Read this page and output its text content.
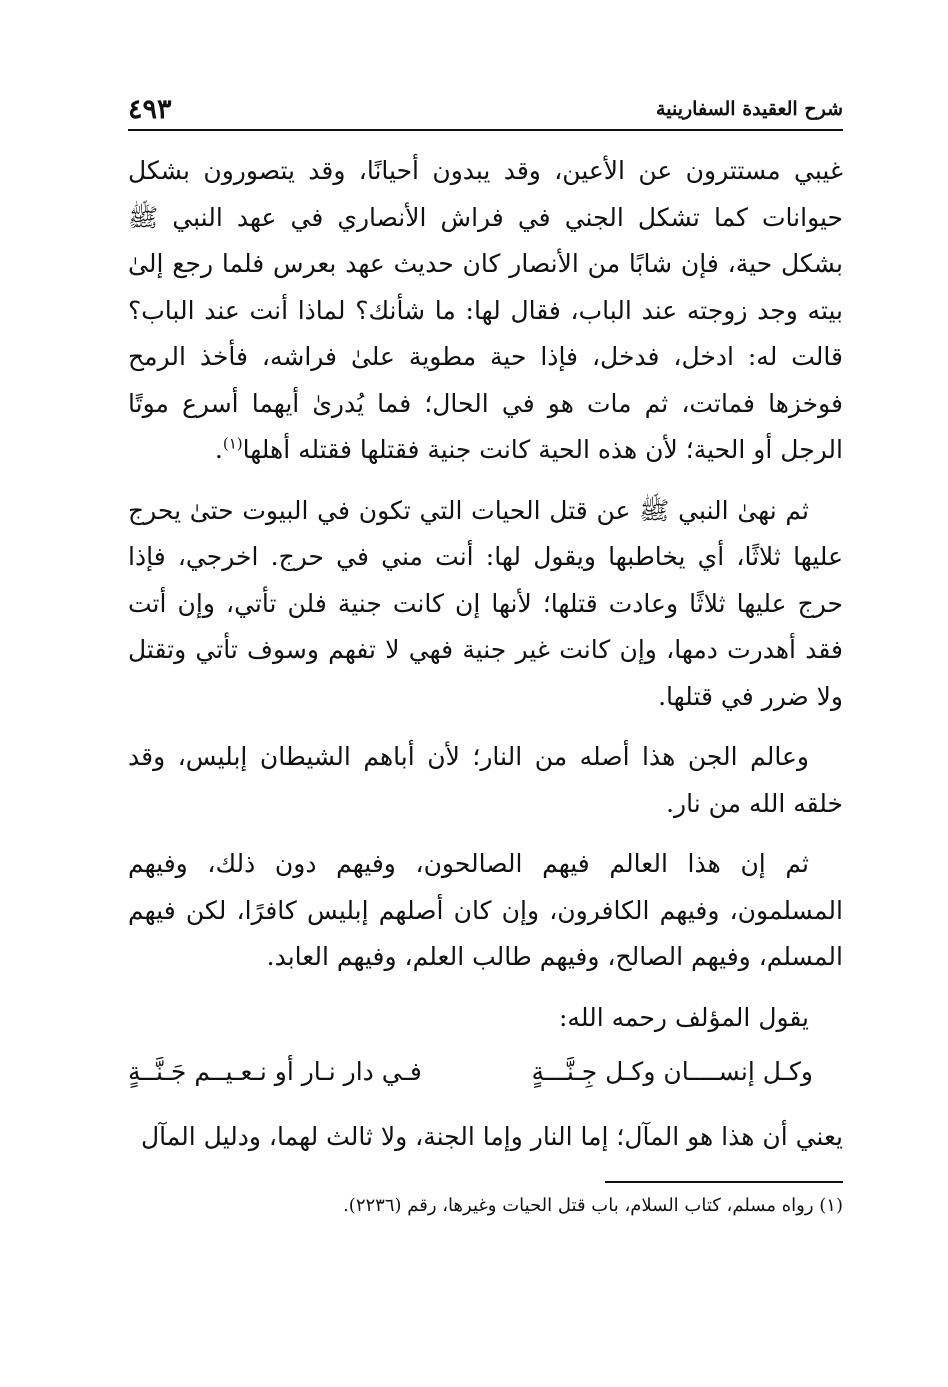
٤٩٣	شرح العقيدة السفارينية

غيبي مستترون عن الأعين، وقد يبدون أحيانًا، وقد يتصورون بشكل حيوانات كما تشكل الجني في فراش الأنصاري في عهد النبي ﷺ بشكل حية، فإن شابًا من الأنصار كان حديث عهد بعرس فلما رجع إلىٰ بيته وجد زوجته عند الباب، فقال لها: ما شأنك؟ لماذا أنت عند الباب؟ قالت له: ادخل، فدخل، فإذا حية مطوية علىٰ فراشه، فأخذ الرمح فوخزها فماتت، ثم مات هو في الحال؛ فما يُدرىٰ أيهما أسرع موتًا الرجل أو الحية؛ لأن هذه الحية كانت جنية فقتلها فقتله أهلها$^{(١)}$.

ثم نهىٰ النبي ﷺ عن قتل الحيات التي تكون في البيوت حتىٰ يحرج عليها ثلاثًا، أي يخاطبها ويقول لها: أنت مني في حرج. اخرجي، فإذا حرج عليها ثلاثًا وعادت قتلها؛ لأنها إن كانت جنية فلن تأتي، وإن أتت فقد أهدرت دمها، وإن كانت غير جنية فهي لا تفهم وسوف تأتي وتقتل ولا ضرر في قتلها.

وعالم الجن هذا أصله من النار؛ لأن أباهم الشيطان إبليس، وقد خلقه الله من نار.

ثم إن هذا العالم فيهم الصالحون، وفيهم دون ذلك، وفيهم المسلمون، وفيهم الكافرون، وإن كان أصلهم إبليس كافرًا، لكن فيهم المسلم، وفيهم الصالح، وفيهم طالب العلم، وفيهم العابد.

يقول المؤلف رحمه الله:

وكـل إنســــان وكـل جِـنَّـــةٍ
فـي دار نـار أو نـعـيــم جَـنَّــةٍ

يعني أن هذا هو المآل؛ إما النار وإما الجنة، ولا ثالث لهما، ودليل المآل

(١) رواه مسلم، كتاب السلام، باب قتل الحيات وغيرها، رقم (٢٢٣٦).
